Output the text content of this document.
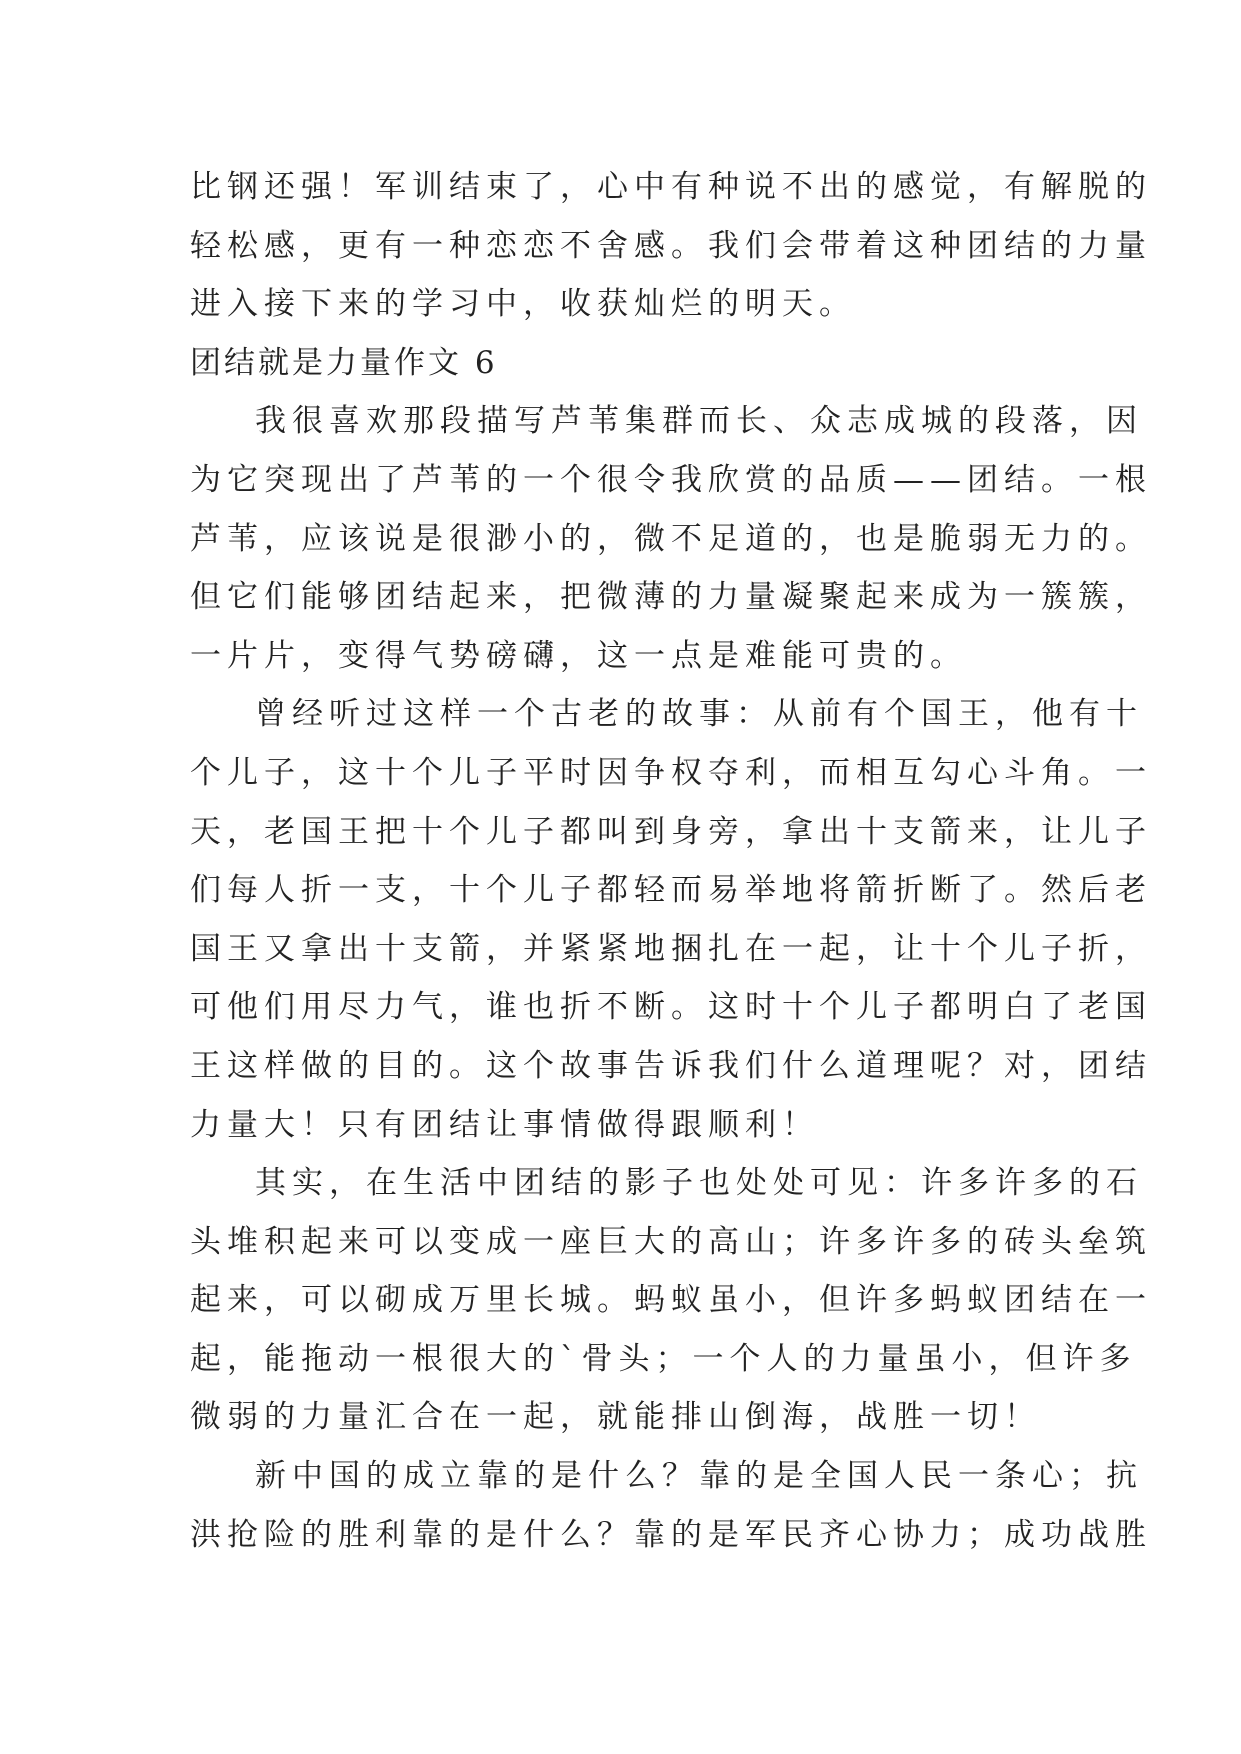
比钢还强！军训结束了，心中有种说不出的感觉，有解脱的
轻松感，更有一种恋恋不舍感。我们会带着这种团结的力量
进入接下来的学习中，收获灿烂的明天。
团结就是力量作文 6
我很喜欢那段描写芦苇集群而长、众志成城的段落，因
为它突现出了芦苇的一个很令我欣赏的品质——团结。一根
芦苇，应该说是很渺小的，微不足道的，也是脆弱无力的。
但它们能够团结起来，把微薄的力量凝聚起来成为一簇簇，
一片片，变得气势磅礴，这一点是难能可贵的。
曾经听过这样一个古老的故事：从前有个国王，他有十
个儿子，这十个儿子平时因争权夺利，而相互勾心斗角。一
天，老国王把十个儿子都叫到身旁，拿出十支箭来，让儿子
们每人折一支，十个儿子都轻而易举地将箭折断了。然后老
国王又拿出十支箭，并紧紧地捆扎在一起，让十个儿子折，
可他们用尽力气，谁也折不断。这时十个儿子都明白了老国
王这样做的目的。这个故事告诉我们什么道理呢？对，团结
力量大！只有团结让事情做得跟顺利！
其实，在生活中团结的影子也处处可见：许多许多的石
头堆积起来可以变成一座巨大的高山；许多许多的砖头垒筑
起来，可以砌成万里长城。蚂蚁虽小，但许多蚂蚁团结在一
起，能拖动一根很大的`骨头；一个人的力量虽小，但许多
微弱的力量汇合在一起，就能排山倒海，战胜一切！
新中国的成立靠的是什么？靠的是全国人民一条心；抗
洪抢险的胜利靠的是什么？靠的是军民齐心协力；成功战胜
